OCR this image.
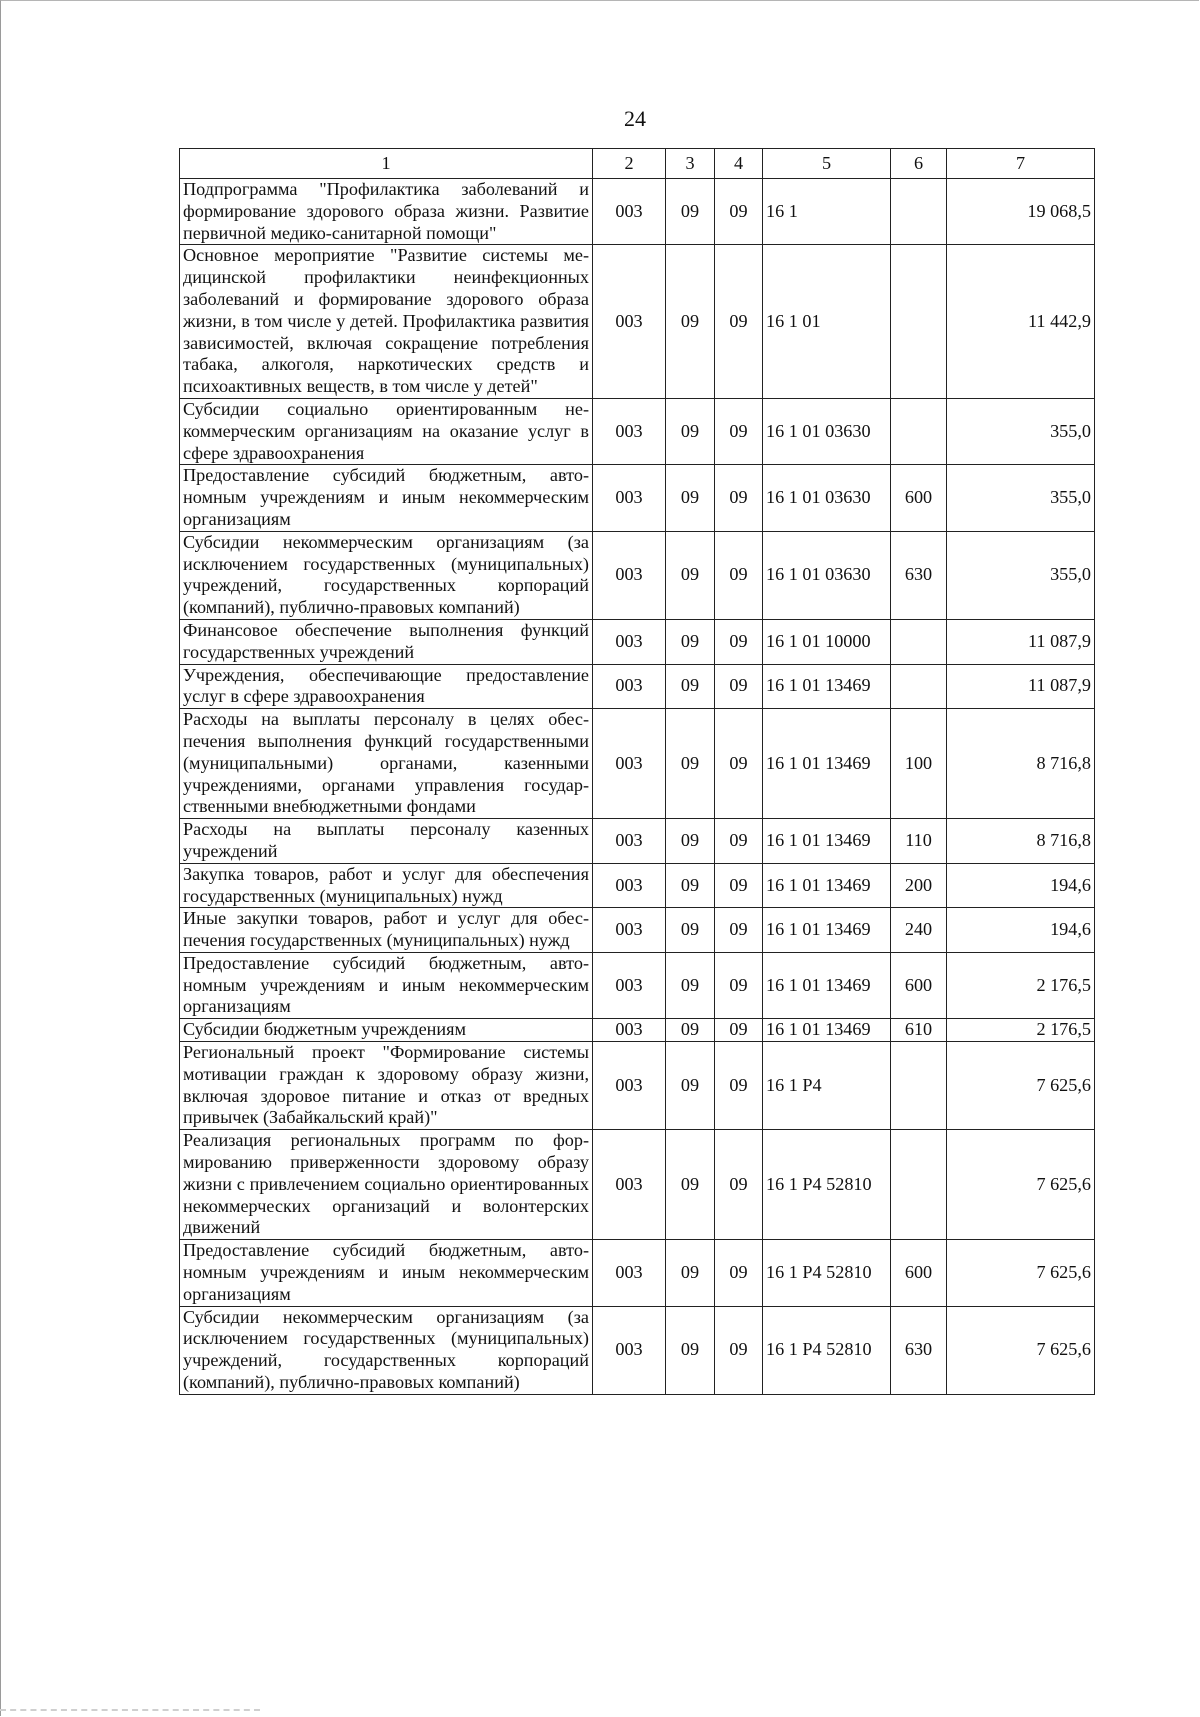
24
1	2	3	4	5	6	7
Подпрограмма "Профилактика заболеваний и формирование здорового образа жизни. Развитие первичной медико-санитарной помощи"	003	09	09	16 1		19 068,5
Основное мероприятие "Развитие системы медицинской профилактики неинфекционных заболеваний и формирование здорового образа жизни, в том числе у детей. Профилактика развития зависимостей, включая сокращение потребления табака, алкоголя, наркотических средств и психоактивных веществ, в том числе у детей"	003	09	09	16 1 01		11 442,9
Субсидии социально ориентированным некоммерческим организациям на оказание услуг в сфере здравоохранения	003	09	09	16 1 01 03630		355,0
Предоставление субсидий бюджетным, автономным учреждениям и иным некоммерческим организациям	003	09	09	16 1 01 03630	600	355,0
Субсидии некоммерческим организациям (за исключением государственных (муниципальных) учреждений, государственных корпораций (компаний), публично-правовых компаний)	003	09	09	16 1 01 03630	630	355,0
Финансовое обеспечение выполнения функций государственных учреждений	003	09	09	16 1 01 10000		11 087,9
Учреждения, обеспечивающие предоставление услуг в сфере здравоохранения	003	09	09	16 1 01 13469		11 087,9
Расходы на выплаты персоналу в целях обеспечения выполнения функций государственными (муниципальными) органами, казенными учреждениями, органами управления государственными внебюджетными фондами	003	09	09	16 1 01 13469	100	8 716,8
Расходы на выплаты персоналу казенных учреждений	003	09	09	16 1 01 13469	110	8 716,8
Закупка товаров, работ и услуг для обеспечения государственных (муниципальных) нужд	003	09	09	16 1 01 13469	200	194,6
Иные закупки товаров, работ и услуг для обеспечения государственных (муниципальных) нужд	003	09	09	16 1 01 13469	240	194,6
Предоставление субсидий бюджетным, автономным учреждениям и иным некоммерческим организациям	003	09	09	16 1 01 13469	600	2 176,5
Субсидии бюджетным учреждениям	003	09	09	16 1 01 13469	610	2 176,5
Региональный проект "Формирование системы мотивации граждан к здоровому образу жизни, включая здоровое питание и отказ от вредных привычек (Забайкальский край)"	003	09	09	16 1 P4		7 625,6
Реализация региональных программ по формированию приверженности здоровому образу жизни с привлечением социально ориентированных некоммерческих организаций и волонтерских движений	003	09	09	16 1 P4 52810		7 625,6
Предоставление субсидий бюджетным, автономным учреждениям и иным некоммерческим организациям	003	09	09	16 1 P4 52810	600	7 625,6
Субсидии некоммерческим организациям (за исключением государственных (муниципальных) учреждений, государственных корпораций (компаний), публично-правовых компаний)	003	09	09	16 1 P4 52810	630	7 625,6
